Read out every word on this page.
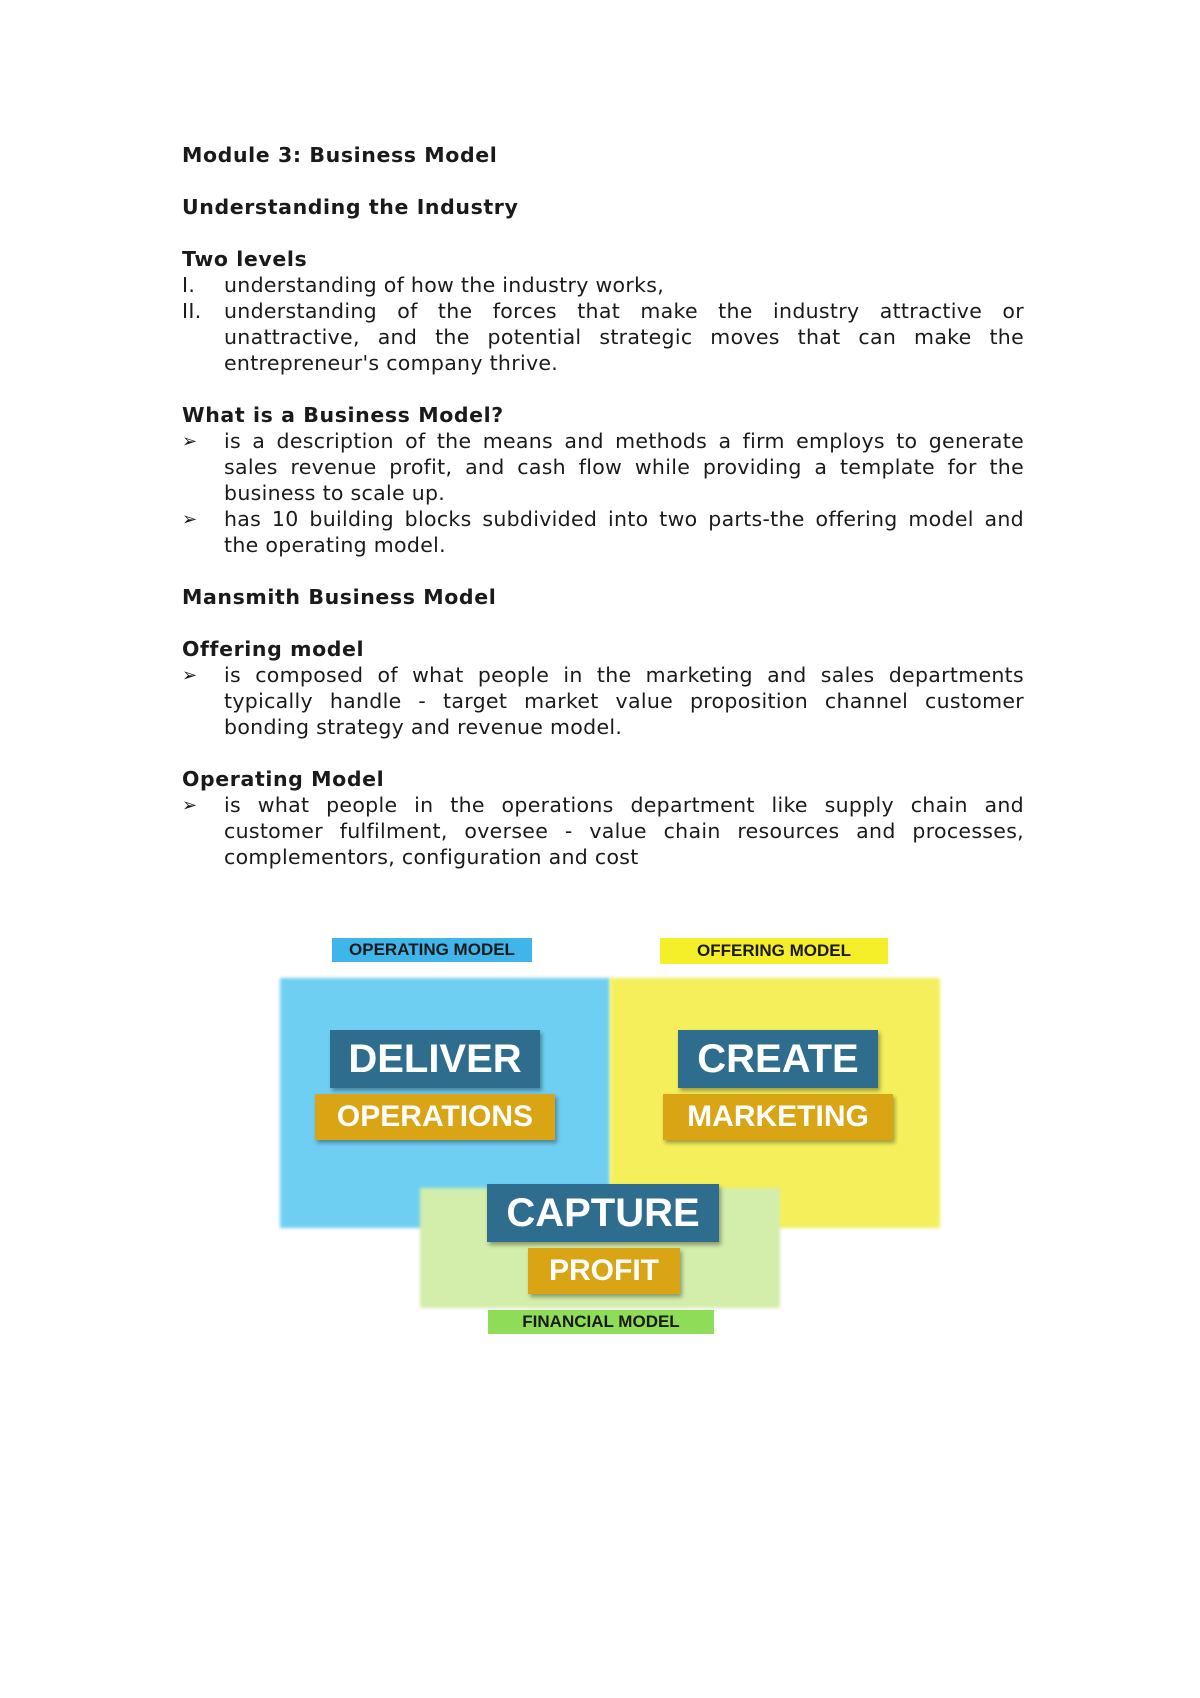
Module 3: Business Model
Understanding the Industry
Two levels
I.	understanding of how the industry works,
II.	understanding of the forces that make the industry attractive or unattractive, and the potential strategic moves that can make the entrepreneur's company thrive.
What is a Business Model?
➢	is a description of the means and methods a firm employs to generate sales revenue profit, and cash flow while providing a template for the business to scale up.
➢	has 10 building blocks subdivided into two parts-the offering model and the operating model.
Mansmith Business Model
Offering model
➢	is composed of what people in the marketing and sales departments typically handle - target market value proposition channel customer bonding strategy and revenue model.
Operating Model
➢	is what people in the operations department like supply chain and customer fulfilment, oversee - value chain resources and processes, complementors, configuration and cost
OPERATING MODEL	OFFERING MODEL
FINANCIAL MODEL
DELIVER
OPERATIONS
CREATE
MARKETING
CAPTURE
PROFIT
